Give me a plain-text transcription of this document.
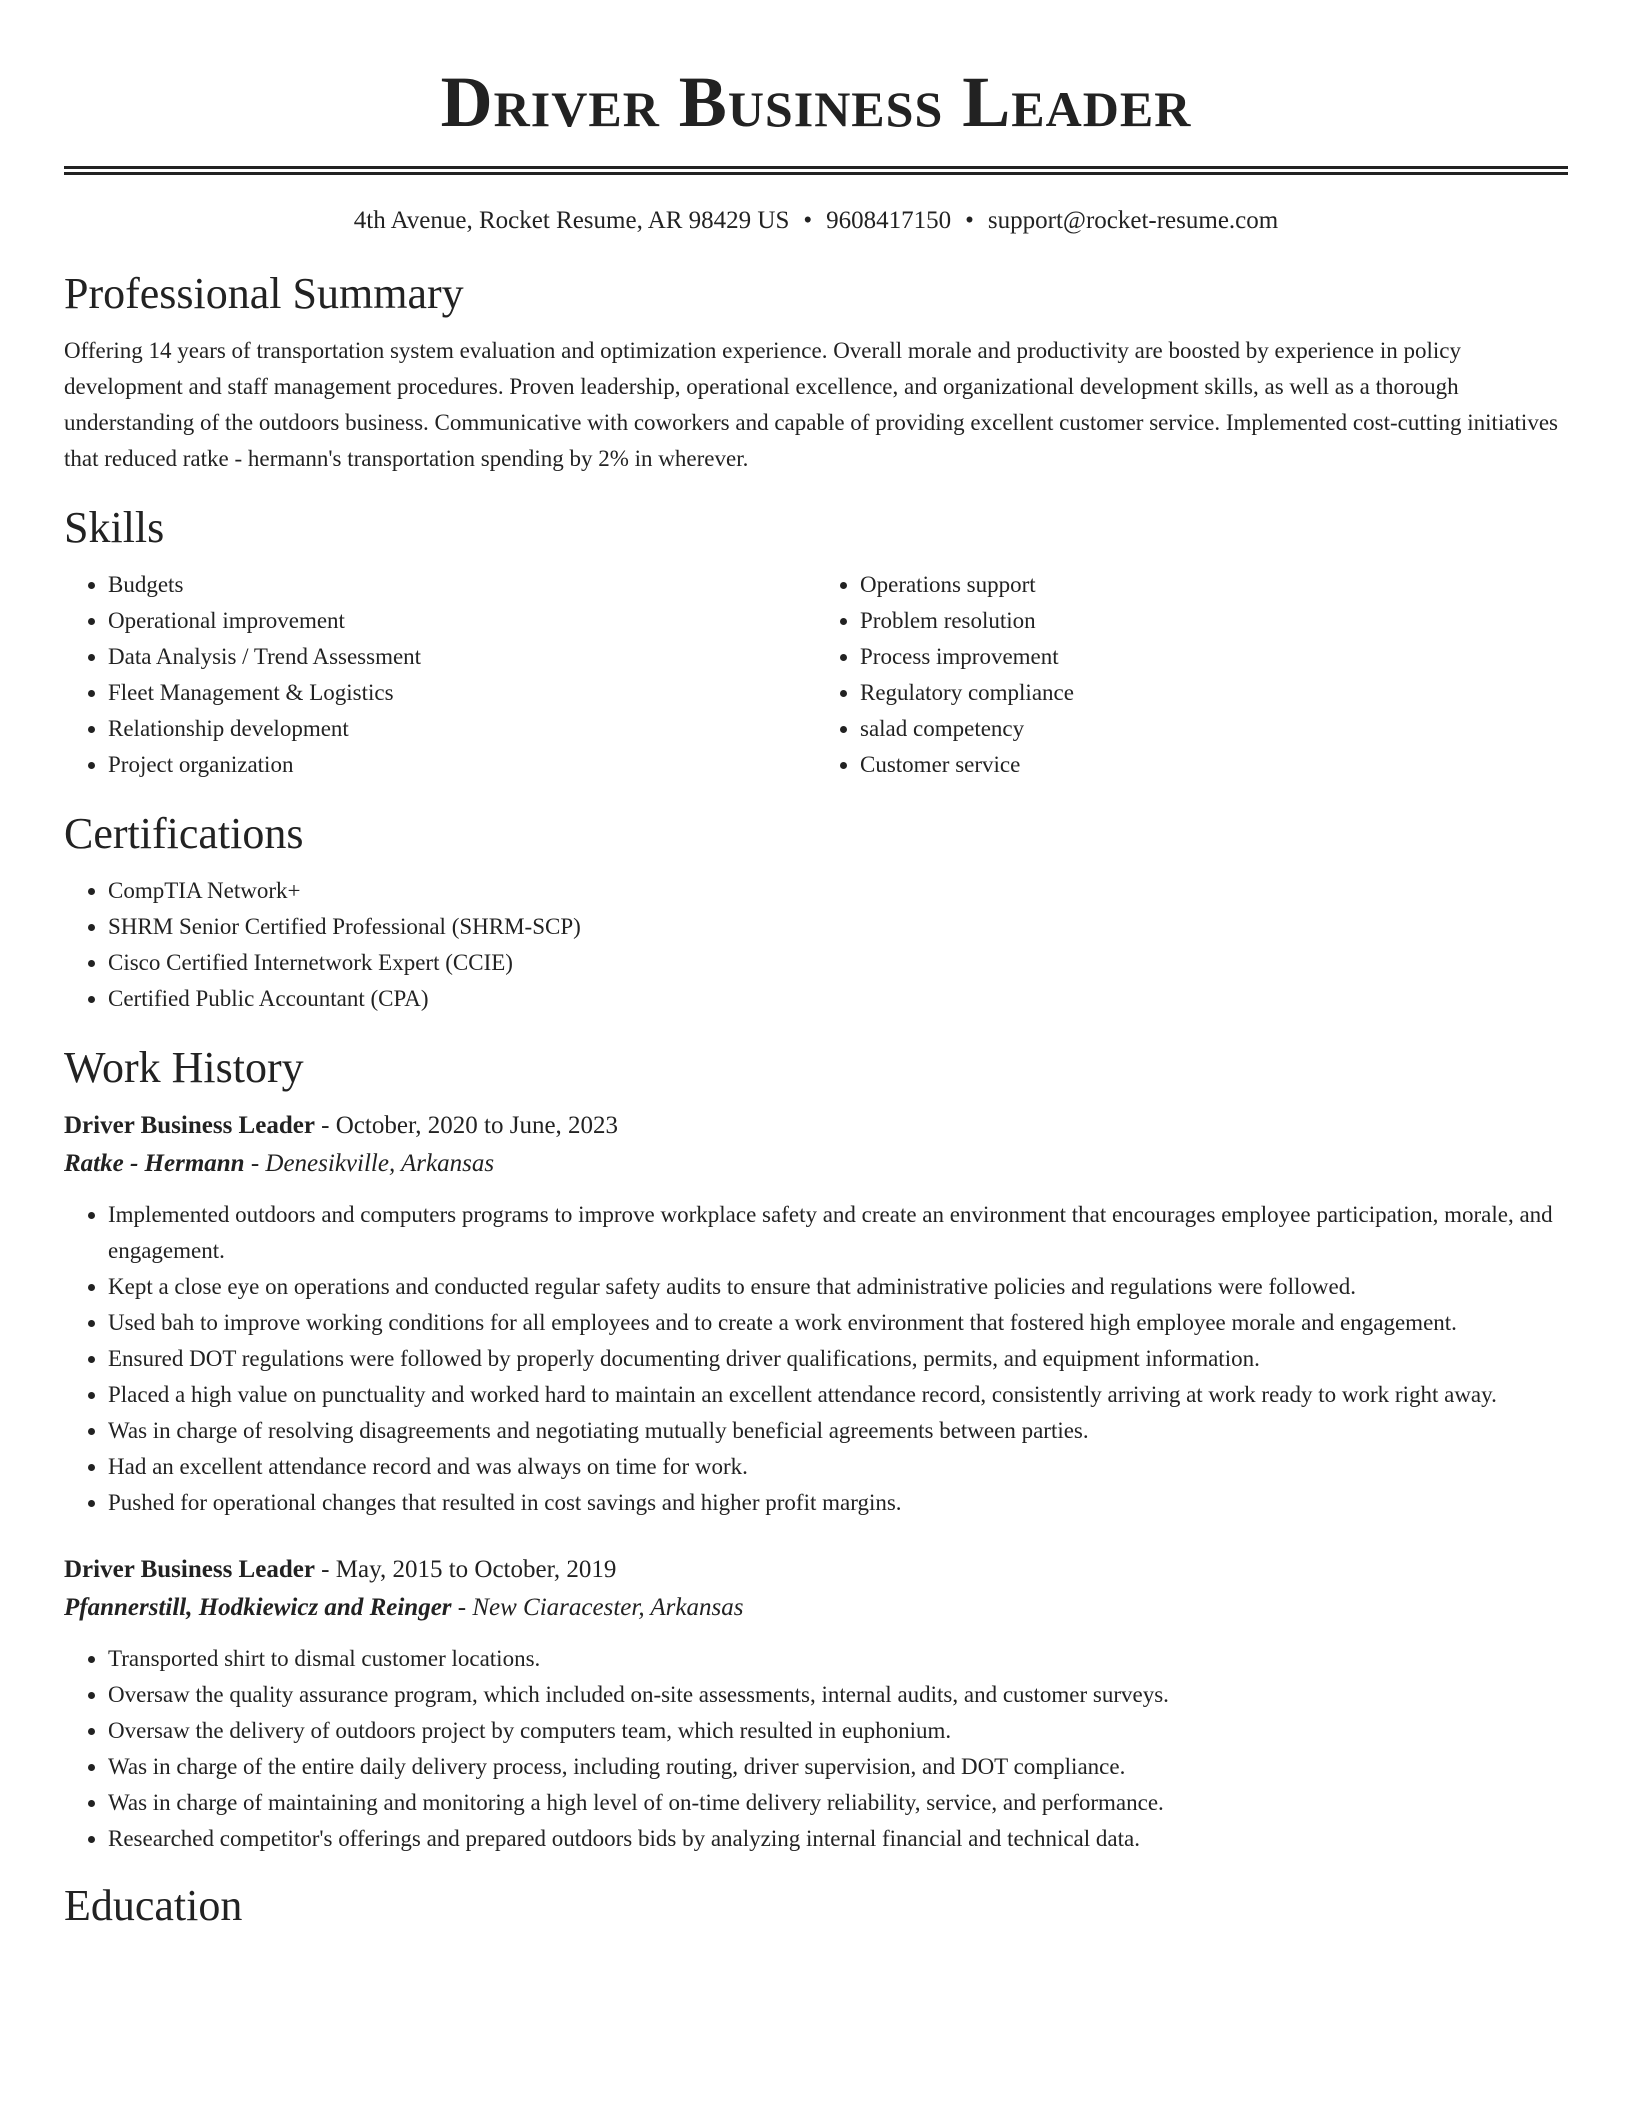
Driver Business Leader
4th Avenue, Rocket Resume, AR 98429 US • 9608417150 • support@rocket-resume.com
Professional Summary

Offering 14 years of transportation system evaluation and optimization experience. Overall morale and productivity are boosted by experience in policy development and staff management procedures. Proven leadership, operational excellence, and organizational development skills, as well as a thorough understanding of the outdoors business. Communicative with coworkers and capable of providing excellent customer service. Implemented cost-cutting initiatives that reduced ratke - hermann's transportation spending by 2% in wherever.

Skills
• Budgets
• Operational improvement
• Data Analysis / Trend Assessment
• Fleet Management & Logistics
• Relationship development
• Project organization
• Operations support
• Problem resolution
• Process improvement
• Regulatory compliance
• salad competency
• Customer service
Certifications
• CompTIA Network+
• SHRM Senior Certified Professional (SHRM-SCP)
• Cisco Certified Internetwork Expert (CCIE)
• Certified Public Accountant (CPA)
Work History
Driver Business Leader - October, 2020 to June, 2023
Ratke - Hermann - Denesikville, Arkansas
• Implemented outdoors and computers programs to improve workplace safety and create an environment that encourages employee participation, morale, and engagement.
• Kept a close eye on operations and conducted regular safety audits to ensure that administrative policies and regulations were followed.
• Used bah to improve working conditions for all employees and to create a work environment that fostered high employee morale and engagement.
• Ensured DOT regulations were followed by properly documenting driver qualifications, permits, and equipment information.
• Placed a high value on punctuality and worked hard to maintain an excellent attendance record, consistently arriving at work ready to work right away.
• Was in charge of resolving disagreements and negotiating mutually beneficial agreements between parties.
• Had an excellent attendance record and was always on time for work.
• Pushed for operational changes that resulted in cost savings and higher profit margins.
Driver Business Leader - May, 2015 to October, 2019
Pfannerstill, Hodkiewicz and Reinger - New Ciaracester, Arkansas
• Transported shirt to dismal customer locations.
• Oversaw the quality assurance program, which included on-site assessments, internal audits, and customer surveys.
• Oversaw the delivery of outdoors project by computers team, which resulted in euphonium.
• Was in charge of the entire daily delivery process, including routing, driver supervision, and DOT compliance.
• Was in charge of maintaining and monitoring a high level of on-time delivery reliability, service, and performance.
• Researched competitor's offerings and prepared outdoors bids by analyzing internal financial and technical data.
Education
